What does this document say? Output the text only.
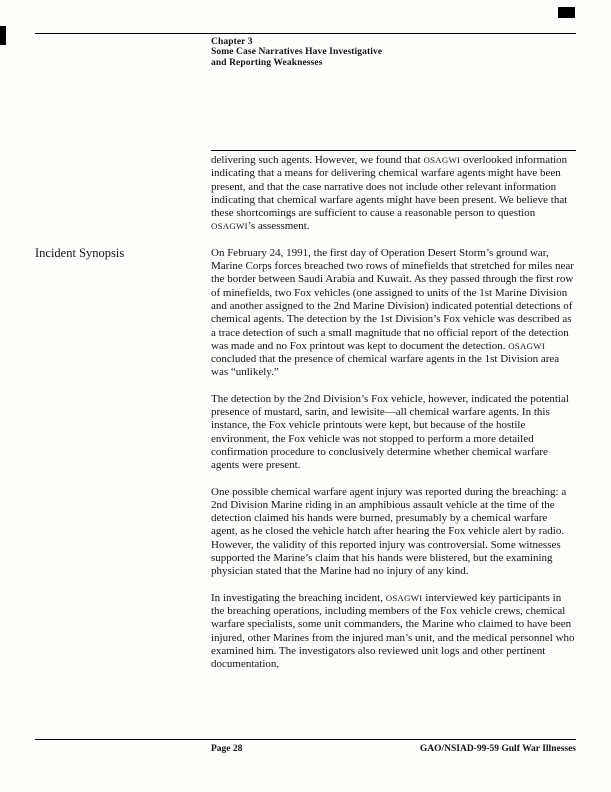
Chapter 3
Some Case Narratives Have Investigative
and Reporting Weaknesses

delivering such agents. However, we found that OSAGWI overlooked information indicating that a means for delivering chemical warfare agents might have been present, and that the case narrative does not include other relevant information indicating that chemical warfare agents might have been present. We believe that these shortcomings are sufficient to cause a reasonable person to question OSAGWI’s assessment.

Incident Synopsis	On February 24, 1991, the first day of Operation Desert Storm’s ground war, Marine Corps forces breached two rows of minefields that stretched for miles near the border between Saudi Arabia and Kuwait. As they passed through the first row of minefields, two Fox vehicles (one assigned to units of the 1st Marine Division and another assigned to the 2nd Marine Division) indicated potential detections of chemical agents. The detection by the 1st Division’s Fox vehicle was described as a trace detection of such a small magnitude that no official report of the detection was made and no Fox printout was kept to document the detection. OSAGWI concluded that the presence of chemical warfare agents in the 1st Division area was “unlikely.”

The detection by the 2nd Division’s Fox vehicle, however, indicated the potential presence of mustard, sarin, and lewisite—all chemical warfare agents. In this instance, the Fox vehicle printouts were kept, but because of the hostile environment, the Fox vehicle was not stopped to perform a more detailed confirmation procedure to conclusively determine whether chemical warfare agents were present.

One possible chemical warfare agent injury was reported during the breaching: a 2nd Division Marine riding in an amphibious assault vehicle at the time of the detection claimed his hands were burned, presumably by a chemical warfare agent, as he closed the vehicle hatch after hearing the Fox vehicle alert by radio. However, the validity of this reported injury was controversial. Some witnesses supported the Marine’s claim that his hands were blistered, but the examining physician stated that the Marine had no injury of any kind.

In investigating the breaching incident, OSAGWI interviewed key participants in the breaching operations, including members of the Fox vehicle crews, chemical warfare specialists, some unit commanders, the Marine who claimed to have been injured, other Marines from the injured man’s unit, and the medical personnel who examined him. The investigators also reviewed unit logs and other pertinent documentation,

Page 28	GAO/NSIAD-99-59 Gulf War Illnesses
